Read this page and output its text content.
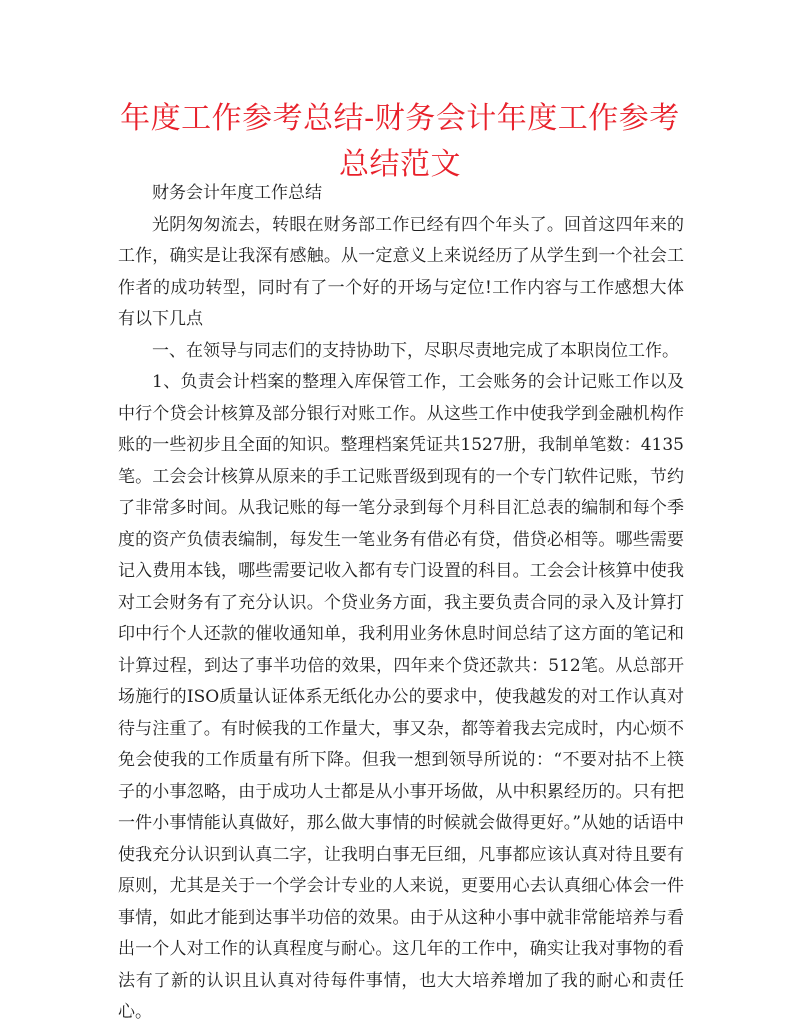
年度工作参考总结-财务会计年度工作参考总结范文

财务会计年度工作总结

光阴匆匆流去，转眼在财务部工作已经有四个年头了。回首这四年来的工作，确实是让我深有感触。从一定意义上来说经历了从学生到一个社会工作者的成功转型，同时有了一个好的开场与定位!工作内容与工作感想大体有以下几点

一、在领导与同志们的支持协助下，尽职尽责地完成了本职岗位工作。

1、负责会计档案的整理入库保管工作，工会账务的会计记账工作以及中行个贷会计核算及部分银行对账工作。从这些工作中使我学到金融机构作账的一些初步且全面的知识。整理档案凭证共1527册，我制单笔数：4135笔。工会会计核算从原来的手工记账晋级到现有的一个专门软件记账，节约了非常多时间。从我记账的每一笔分录到每个月科目汇总表的编制和每个季度的资产负债表编制，每发生一笔业务有借必有贷，借贷必相等。哪些需要记入费用本钱，哪些需要记收入都有专门设置的科目。工会会计核算中使我对工会财务有了充分认识。个贷业务方面，我主要负责合同的录入及计算打印中行个人还款的催收通知单，我利用业务休息时间总结了这方面的笔记和计算过程，到达了事半功倍的效果，四年来个贷还款共：512笔。从总部开场施行的ISO质量认证体系无纸化办公的要求中，使我越发的对工作认真对待与注重了。有时候我的工作量大，事又杂，都等着我去完成时，内心烦不免会使我的工作质量有所下降。但我一想到领导所说的：“不要对拈不上筷子的小事忽略，由于成功人士都是从小事开场做，从中积累经历的。只有把一件小事情能认真做好，那么做大事情的时候就会做得更好。”从她的话语中使我充分认识到认真二字，让我明白事无巨细，凡事都应该认真对待且要有原则，尤其是关于一个学会计专业的人来说，更要用心去认真细心体会一件事情，如此才能到达事半功倍的效果。由于从这种小事中就非常能培养与看出一个人对工作的认真程度与耐心。这几年的工作中，确实让我对事物的看法有了新的认识且认真对待每件事情，也大大培养增加了我的耐心和责任心。
